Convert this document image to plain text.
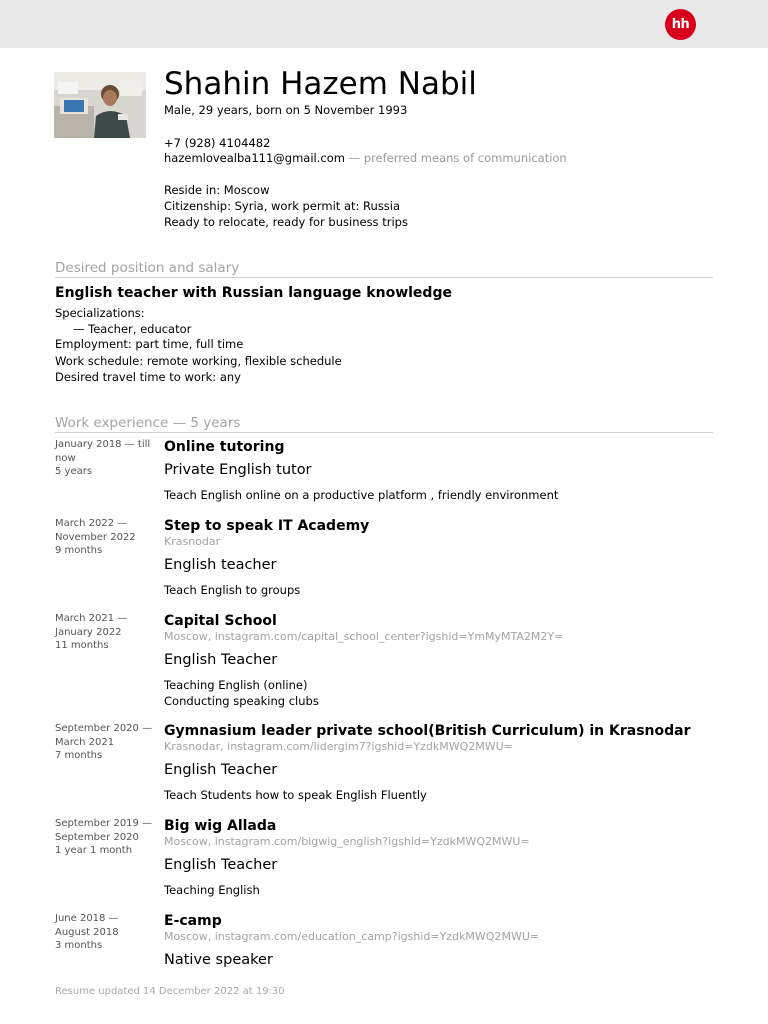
hh
Shahin Hazem Nabil
Male, 29 years, born on 5 November 1993
+7 (928) 4104482
hazemlovealba111@gmail.com — preferred means of communication
Reside in: Moscow
Citizenship: Syria, work permit at: Russia
Ready to relocate, ready for business trips
Desired position and salary
English teacher with Russian language knowledge
Specializations:
— Teacher, educator
Employment: part time, full time
Work schedule: remote working, flexible schedule
Desired travel time to work: any
Work experience — 5 years
January 2018 — till now
5 years
Online tutoring
Private English tutor
Teach English online on a productive platform , friendly environment
March 2022 — November 2022
9 months
Step to speak IT Academy
Krasnodar
English teacher
Teach English to groups
March 2021 — January 2022
11 months
Capital School
Moscow, instagram.com/capital_school_center?igshid=YmMyMTA2M2Y=
English Teacher
Teaching English (online)
Conducting speaking clubs
September 2020 — March 2021
7 months
Gymnasium leader private school(British Curriculum) in Krasnodar
Krasnodar, instagram.com/lidergim7?igshid=YzdkMWQ2MWU=
English Teacher
Teach Students how to speak English Fluently
September 2019 — September 2020
1 year 1 month
Big wig Allada
Moscow, instagram.com/bigwig_english?igshid=YzdkMWQ2MWU=
English Teacher
Teaching English
June 2018 — August 2018
3 months
E-camp
Moscow, instagram.com/education_camp?igshid=YzdkMWQ2MWU=
Native speaker
Resume updated 14 December 2022 at 19:30
